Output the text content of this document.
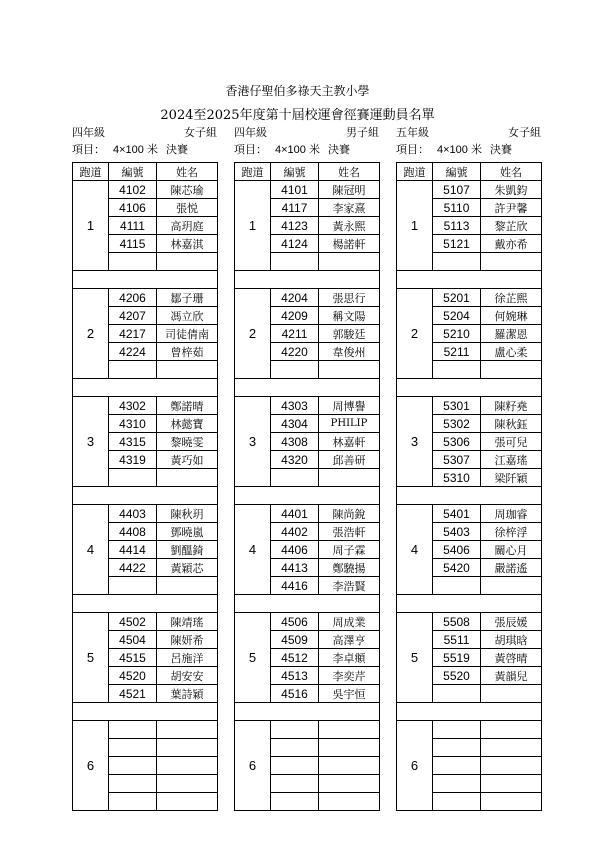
香港仔聖伯多祿天主教小學
2024至2025年度第十屆校運會徑賽運動員名單
四年級	女子組
項目： 4×100 米 決賽
跑道	編號	姓名
1	4102	陳芯瑜
	4106	張悦
	4111	高玥庭
	4115	林嘉淇

2	4206	鄒子珊
	4207	馮立欣
	4217	司徒倩南
	4224	曾梓茹

3	4302	鄭諾晴
	4310	林懿寶
	4315	黎曉雯
	4319	黃巧如

4	4403	陳秋玥
	4408	鄧曉嵐
	4414	劉醞錡
	4422	黃穎芯

5	4502	陳靖瑤
	4504	陳妍希
	4515	呂施洋
	4520	胡安安
	4521	葉詩穎

6		

四年級	男子組
項目： 4×100 米 決賽
跑道	編號	姓名
1	4101	陳冠明
	4117	李家熹
	4123	黃永熙
	4124	楊諾軒

2	4204	張思行
	4209	稱文陽
	4211	郭駿廷
	4220	韋俊州

3	4303	周博譽
	4304	PHILIP
	4308	林嘉軒
	4320	邱善研

4	4401	陳尚銳
	4402	張浩軒
	4406	周子霖
	4413	鄭驍揚
	4416	李浩賢

5	4506	周成業
	4509	高澤亨
	4512	李卓頫
	4513	李奕芹
	4516	吳宇恒

6		

五年級	女子組
項目： 4×100 米 決賽
跑道	編號	姓名
1	5107	朱凱鈞
	5110	許尹馨
	5113	黎芷欣
	5121	戴亦希

2	5201	徐芷熙
	5204	何婉琳
	5210	羅潔恩
	5211	盧心柔

3	5301	陳籽堯
	5302	陳秋鈺
	5306	張可兒
	5307	江嘉瑤
	5310	梁阡穎

4	5401	周珈睿
	5403	徐梓浮
	5406	關心月
	5420	嚴諾遙

5	5508	張辰媛
	5511	胡琪晗
	5519	黃啓晴
	5520	黃韻兒

6		
